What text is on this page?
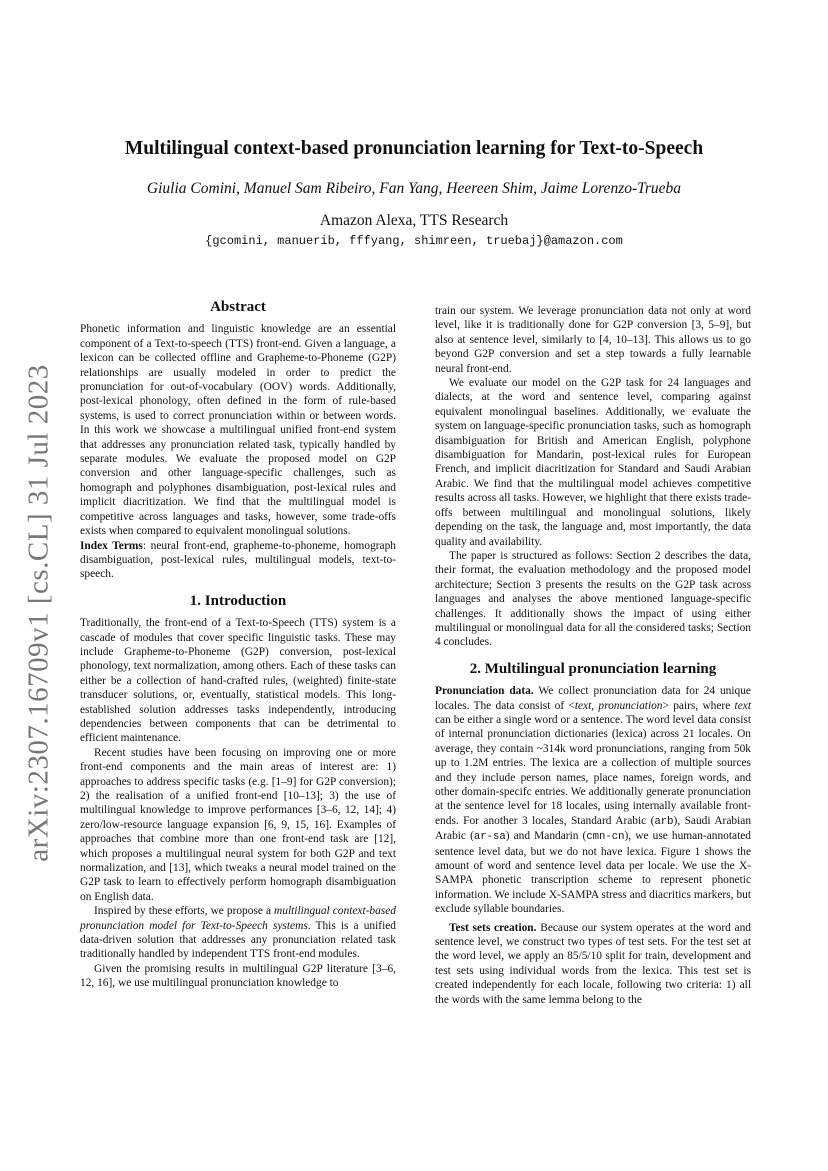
arXiv:2307.16709v1 [cs.CL] 31 Jul 2023
Multilingual context-based pronunciation learning for Text-to-Speech
Giulia Comini, Manuel Sam Ribeiro, Fan Yang, Heereen Shim, Jaime Lorenzo-Trueba
Amazon Alexa, TTS Research
{gcomini, manuerib, fffyang, shimreen, truebaj}@amazon.com
Abstract

Phonetic information and linguistic knowledge are an essential component of a Text-to-speech (TTS) front-end. Given a language, a lexicon can be collected offline and Grapheme-to-Phoneme (G2P) relationships are usually modeled in order to predict the pronunciation for out-of-vocabulary (OOV) words. Additionally, post-lexical phonology, often defined in the form of rule-based systems, is used to correct pronunciation within or between words. In this work we showcase a multilingual unified front-end system that addresses any pronunciation related task, typically handled by separate modules. We evaluate the proposed model on G2P conversion and other language-specific challenges, such as homograph and polyphones disambiguation, post-lexical rules and implicit diacritization. We find that the multilingual model is competitive across languages and tasks, however, some trade-offs exists when compared to equivalent monolingual solutions.

Index Terms: neural front-end, grapheme-to-phoneme, homograph disambiguation, post-lexical rules, multilingual models, text-to-speech.

1. Introduction

Traditionally, the front-end of a Text-to-Speech (TTS) system is a cascade of modules that cover specific linguistic tasks. These may include Grapheme-to-Phoneme (G2P) conversion, post-lexical phonology, text normalization, among others. Each of these tasks can either be a collection of hand-crafted rules, (weighted) finite-state transducer solutions, or, eventually, statistical models. This long-established solution addresses tasks independently, introducing dependencies between components that can be detrimental to efficient maintenance.

Recent studies have been focusing on improving one or more front-end components and the main areas of interest are: 1) approaches to address specific tasks (e.g. [1–9] for G2P conversion); 2) the realisation of a unified front-end [10–13]; 3) the use of multilingual knowledge to improve performances [3–6, 12, 14]; 4) zero/low-resource language expansion [6, 9, 15, 16]. Examples of approaches that combine more than one front-end task are [12], which proposes a multilingual neural system for both G2P and text normalization, and [13], which tweaks a neural model trained on the G2P task to learn to effectively perform homograph disambiguation on English data.

Inspired by these efforts, we propose a multilingual context-based pronunciation model for Text-to-Speech systems. This is a unified data-driven solution that addresses any pronunciation related task traditionally handled by independent TTS front-end modules.

Given the promising results in multilingual G2P literature [3–6, 12, 16], we use multilingual pronunciation knowledge to

train our system. We leverage pronunciation data not only at word level, like it is traditionally done for G2P conversion [3, 5–9], but also at sentence level, similarly to [4, 10–13]. This allows us to go beyond G2P conversion and set a step towards a fully learnable neural front-end.

We evaluate our model on the G2P task for 24 languages and dialects, at the word and sentence level, comparing against equivalent monolingual baselines. Additionally, we evaluate the system on language-specific pronunciation tasks, such as homograph disambiguation for British and American English, polyphone disambiguation for Mandarin, post-lexical rules for European French, and implicit diacritization for Standard and Saudi Arabian Arabic. We find that the multilingual model achieves competitive results across all tasks. However, we highlight that there exists trade-offs between multilingual and monolingual solutions, likely depending on the task, the language and, most importantly, the data quality and availability.

The paper is structured as follows: Section 2 describes the data, their format, the evaluation methodology and the proposed model architecture; Section 3 presents the results on the G2P task across languages and analyses the above mentioned language-specific challenges. It additionally shows the impact of using either multilingual or monolingual data for all the considered tasks; Section 4 concludes.

2. Multilingual pronunciation learning

Pronunciation data. We collect pronunciation data for 24 unique locales. The data consist of <text, pronunciation> pairs, where text can be either a single word or a sentence. The word level data consist of internal pronunciation dictionaries (lexica) across 21 locales. On average, they contain ~314k word pronunciations, ranging from 50k up to 1.2M entries. The lexica are a collection of multiple sources and they include person names, place names, foreign words, and other domain-specifc entries. We additionally generate pronunciation at the sentence level for 18 locales, using internally available front-ends. For another 3 locales, Standard Arabic (arb), Saudi Arabian Arabic (ar-sa) and Mandarin (cmn-cn), we use human-annotated sentence level data, but we do not have lexica. Figure 1 shows the amount of word and sentence level data per locale. We use the X-SAMPA phonetic transcription scheme to represent phonetic information. We include X-SAMPA stress and diacritics markers, but exclude syllable boundaries.

Test sets creation. Because our system operates at the word and sentence level, we construct two types of test sets. For the test set at the word level, we apply an 85/5/10 split for train, development and test sets using individual words from the lexica. This test set is created independently for each locale, following two criteria: 1) all the words with the same lemma belong to the
